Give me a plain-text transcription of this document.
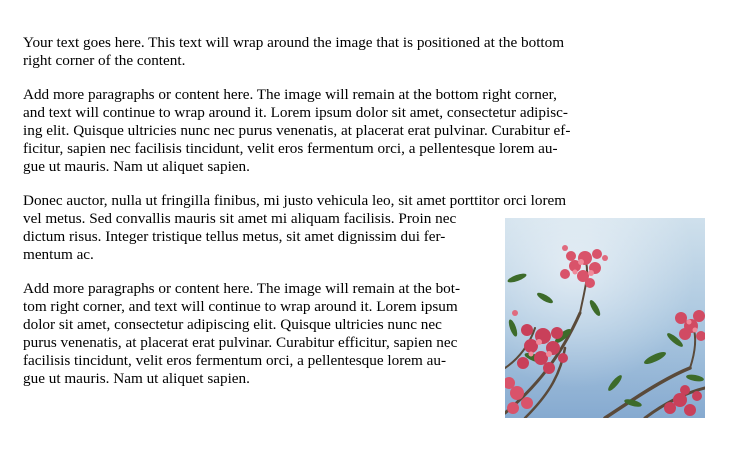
Your text goes here. This text will wrap around the image that is positioned at the bottom
right corner of the content.

Add more paragraphs or content here. The image will remain at the bottom right corner,
and text will continue to wrap around it. Lorem ipsum dolor sit amet, consectetur adipisc-
ing elit. Quisque ultricies nunc nec purus venenatis, at placerat erat pulvinar. Curabitur ef-
ficitur, sapien nec facilisis tincidunt, velit eros fermentum orci, a pellentesque lorem au-
gue ut mauris. Nam ut aliquet sapien.

Donec auctor, nulla ut fringilla finibus, mi justo vehicula leo, sit amet porttitor orci lorem
vel metus. Sed convallis mauris sit amet mi aliquam facilisis. Proin nec
dictum risus. Integer tristique tellus metus, sit amet dignissim dui fer-
mentum ac.

Add more paragraphs or content here. The image will remain at the bot-
tom right corner, and text will continue to wrap around it. Lorem ipsum
dolor sit amet, consectetur adipiscing elit. Quisque ultricies nunc nec
purus venenatis, at placerat erat pulvinar. Curabitur efficitur, sapien nec
facilisis tincidunt, velit eros fermentum orci, a pellentesque lorem au-
gue ut mauris. Nam ut aliquet sapien.
